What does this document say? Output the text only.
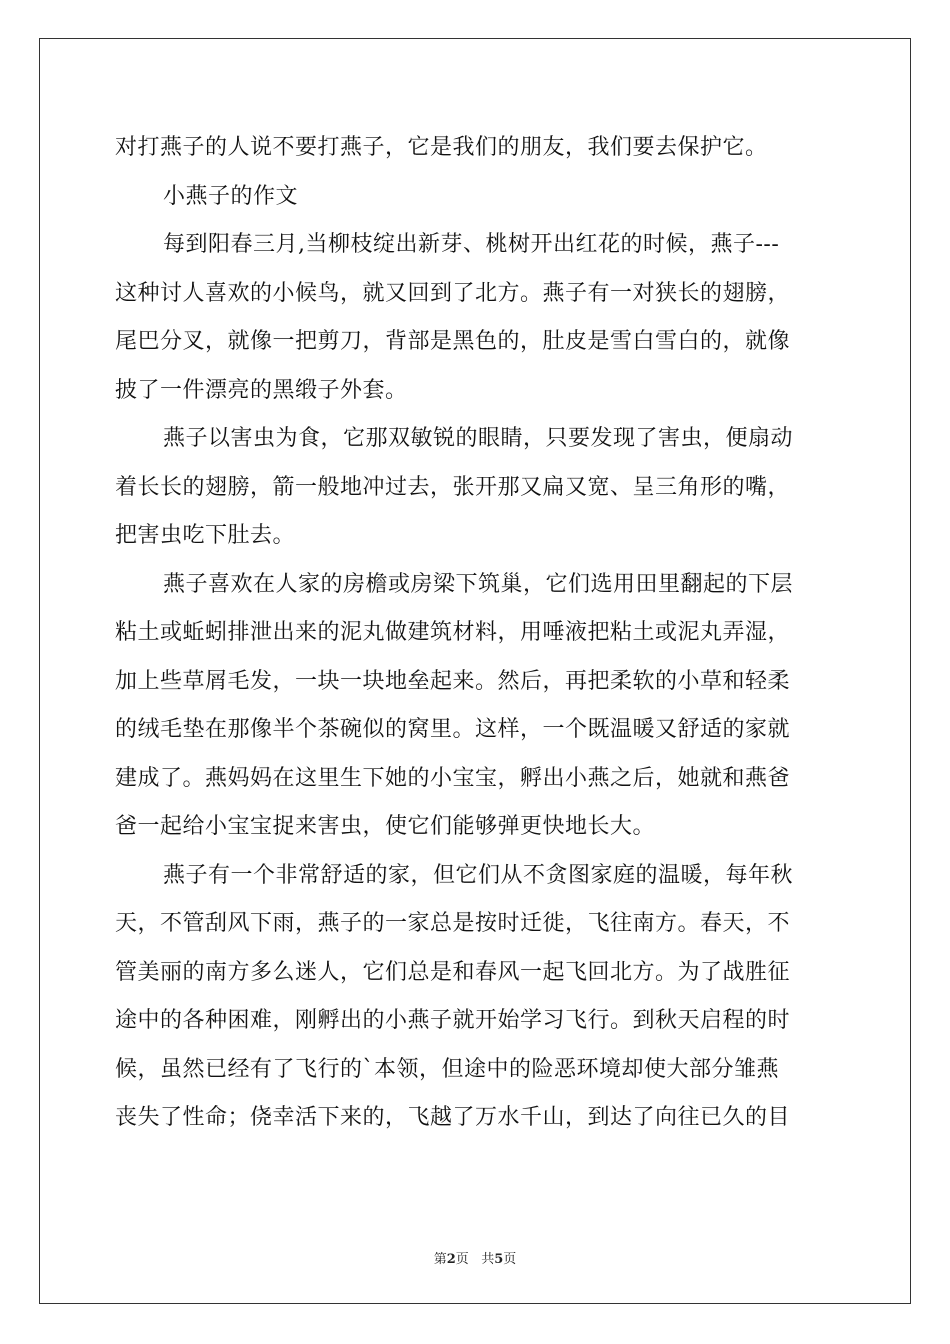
对打燕子的人说不要打燕子，它是我们的朋友，我们要去保护它。
小燕子的作文
每到阳春三月,当柳枝绽出新芽、桃树开出红花的时候，燕子---
这种讨人喜欢的小候鸟，就又回到了北方。燕子有一对狭长的翅膀，
尾巴分叉，就像一把剪刀，背部是黑色的，肚皮是雪白雪白的，就像
披了一件漂亮的黑缎子外套。
燕子以害虫为食，它那双敏锐的眼睛，只要发现了害虫，便扇动
着长长的翅膀，箭一般地冲过去，张开那又扁又宽、呈三角形的嘴，
把害虫吃下肚去。
燕子喜欢在人家的房檐或房梁下筑巢，它们选用田里翻起的下层
粘土或蚯蚓排泄出来的泥丸做建筑材料，用唾液把粘土或泥丸弄湿，
加上些草屑毛发，一块一块地垒起来。然后，再把柔软的小草和轻柔
的绒毛垫在那像半个茶碗似的窝里。这样，一个既温暖又舒适的家就
建成了。燕妈妈在这里生下她的小宝宝，孵出小燕之后，她就和燕爸
爸一起给小宝宝捉来害虫，使它们能够弹更快地长大。
燕子有一个非常舒适的家，但它们从不贪图家庭的温暖，每年秋
天，不管刮风下雨，燕子的一家总是按时迁徙，飞往南方。春天，不
管美丽的南方多么迷人，它们总是和春风一起飞回北方。为了战胜征
途中的各种困难，刚孵出的小燕子就开始学习飞行。到秋天启程的时
候，虽然已经有了飞行的`本领，但途中的险恶环境却使大部分雏燕
丧失了性命；侥幸活下来的，飞越了万水千山，到达了向往已久的目
第2页 共5页
